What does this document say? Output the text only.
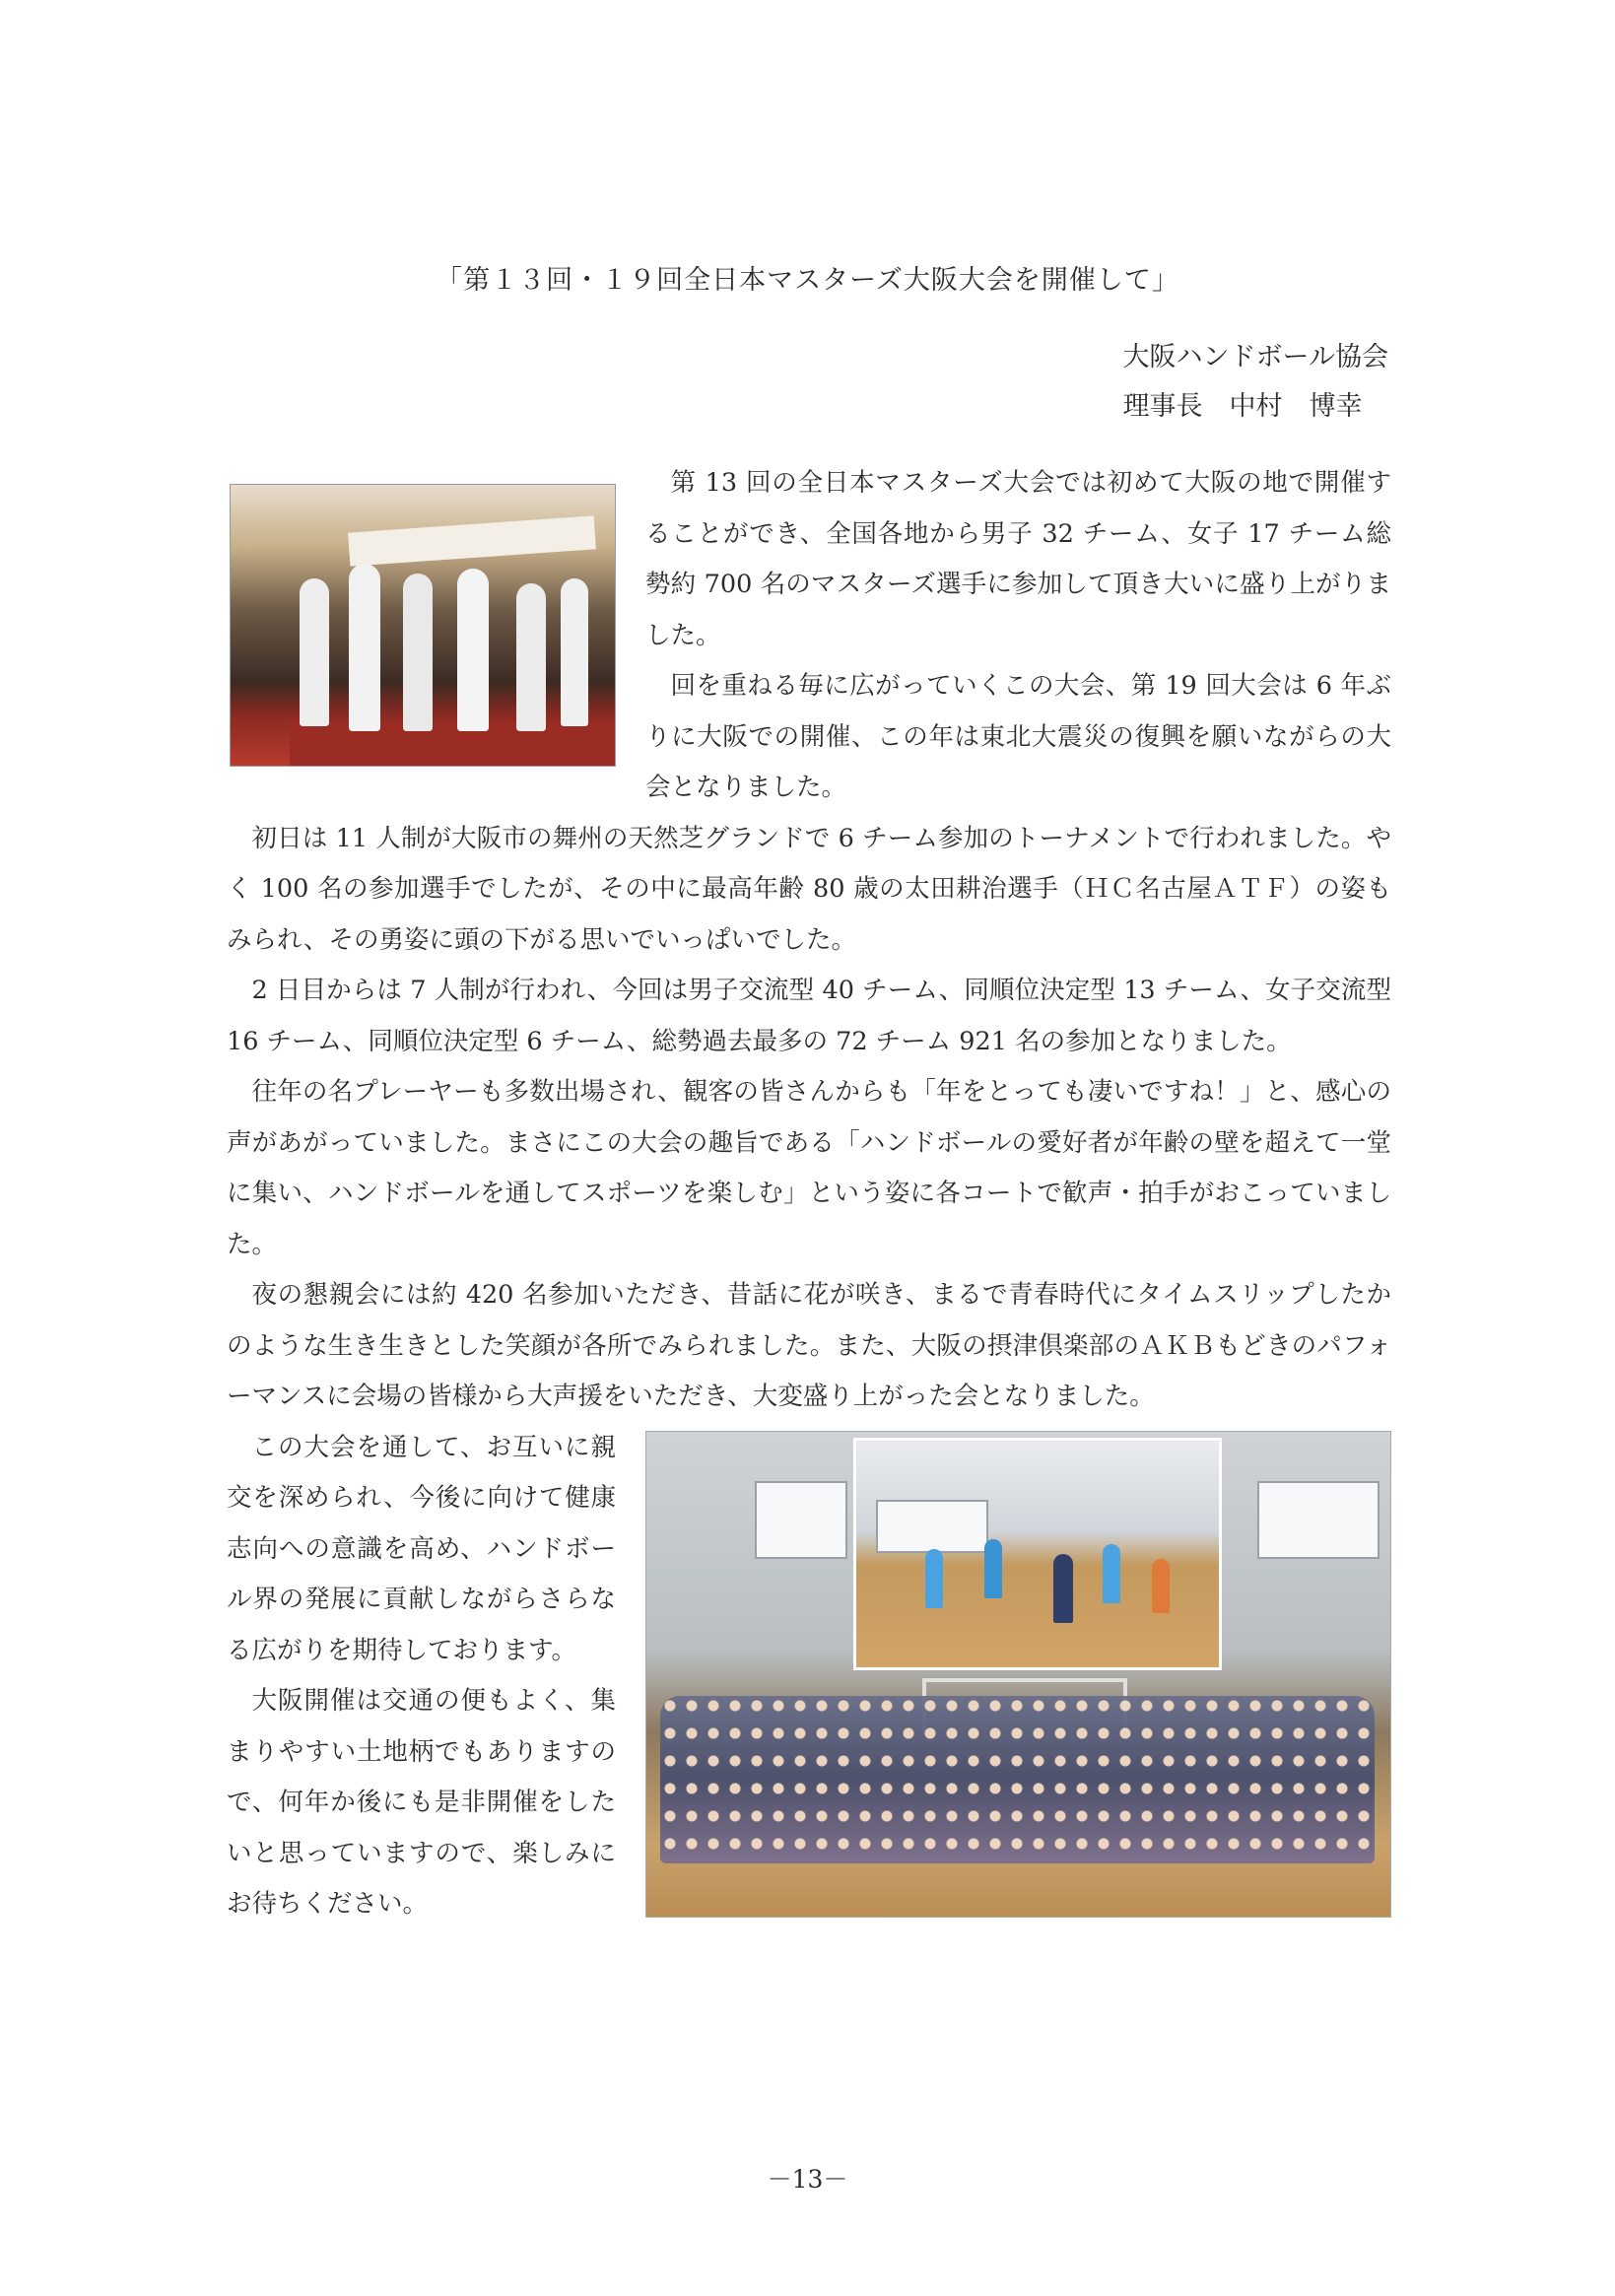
「第１３回・１９回全日本マスターズ大阪大会を開催して」
大阪ハンドボール協会
理事長　中村　博幸

第 13 回の全日本マスターズ大会では初めて大阪の地で開催することができ、全国各地から男子 32 チーム、女子 17 チーム総勢約 700 名のマスターズ選手に参加して頂き大いに盛り上がりました。

回を重ねる毎に広がっていくこの大会、第 19 回大会は 6 年ぶりに大阪での開催、この年は東北大震災の復興を願いながらの大会となりました。

初日は 11 人制が大阪市の舞州の天然芝グランドで 6 チーム参加のトーナメントで行われました。やく 100 名の参加選手でしたが、その中に最高年齢 80 歳の太田耕治選手（ＨＣ名古屋ＡＴＦ）の姿もみられ、その勇姿に頭の下がる思いでいっぱいでした。

2 日目からは 7 人制が行われ、今回は男子交流型 40 チーム、同順位決定型 13 チーム、女子交流型 16 チーム、同順位決定型 6 チーム、総勢過去最多の 72 チーム 921 名の参加となりました。

往年の名プレーヤーも多数出場され、観客の皆さんからも「年をとっても凄いですね！」と、感心の声があがっていました。まさにこの大会の趣旨である「ハンドボールの愛好者が年齢の壁を超えて一堂に集い、ハンドボールを通してスポーツを楽しむ」という姿に各コートで歓声・拍手がおこっていました。

夜の懇親会には約 420 名参加いただき、昔話に花が咲き、まるで青春時代にタイムスリップしたかのような生き生きとした笑顔が各所でみられました。また、大阪の摂津倶楽部のＡＫＢもどきのパフォーマンスに会場の皆様から大声援をいただき、大変盛り上がった会となりました。

この大会を通して、お互いに親交を深められ、今後に向けて健康志向への意識を高め、ハンドボール界の発展に貢献しながらさらなる広がりを期待しております。

大阪開催は交通の便もよく、集まりやすい土地柄でもありますので、何年か後にも是非開催をしたいと思っていますので、楽しみにお待ちください。

－13－
